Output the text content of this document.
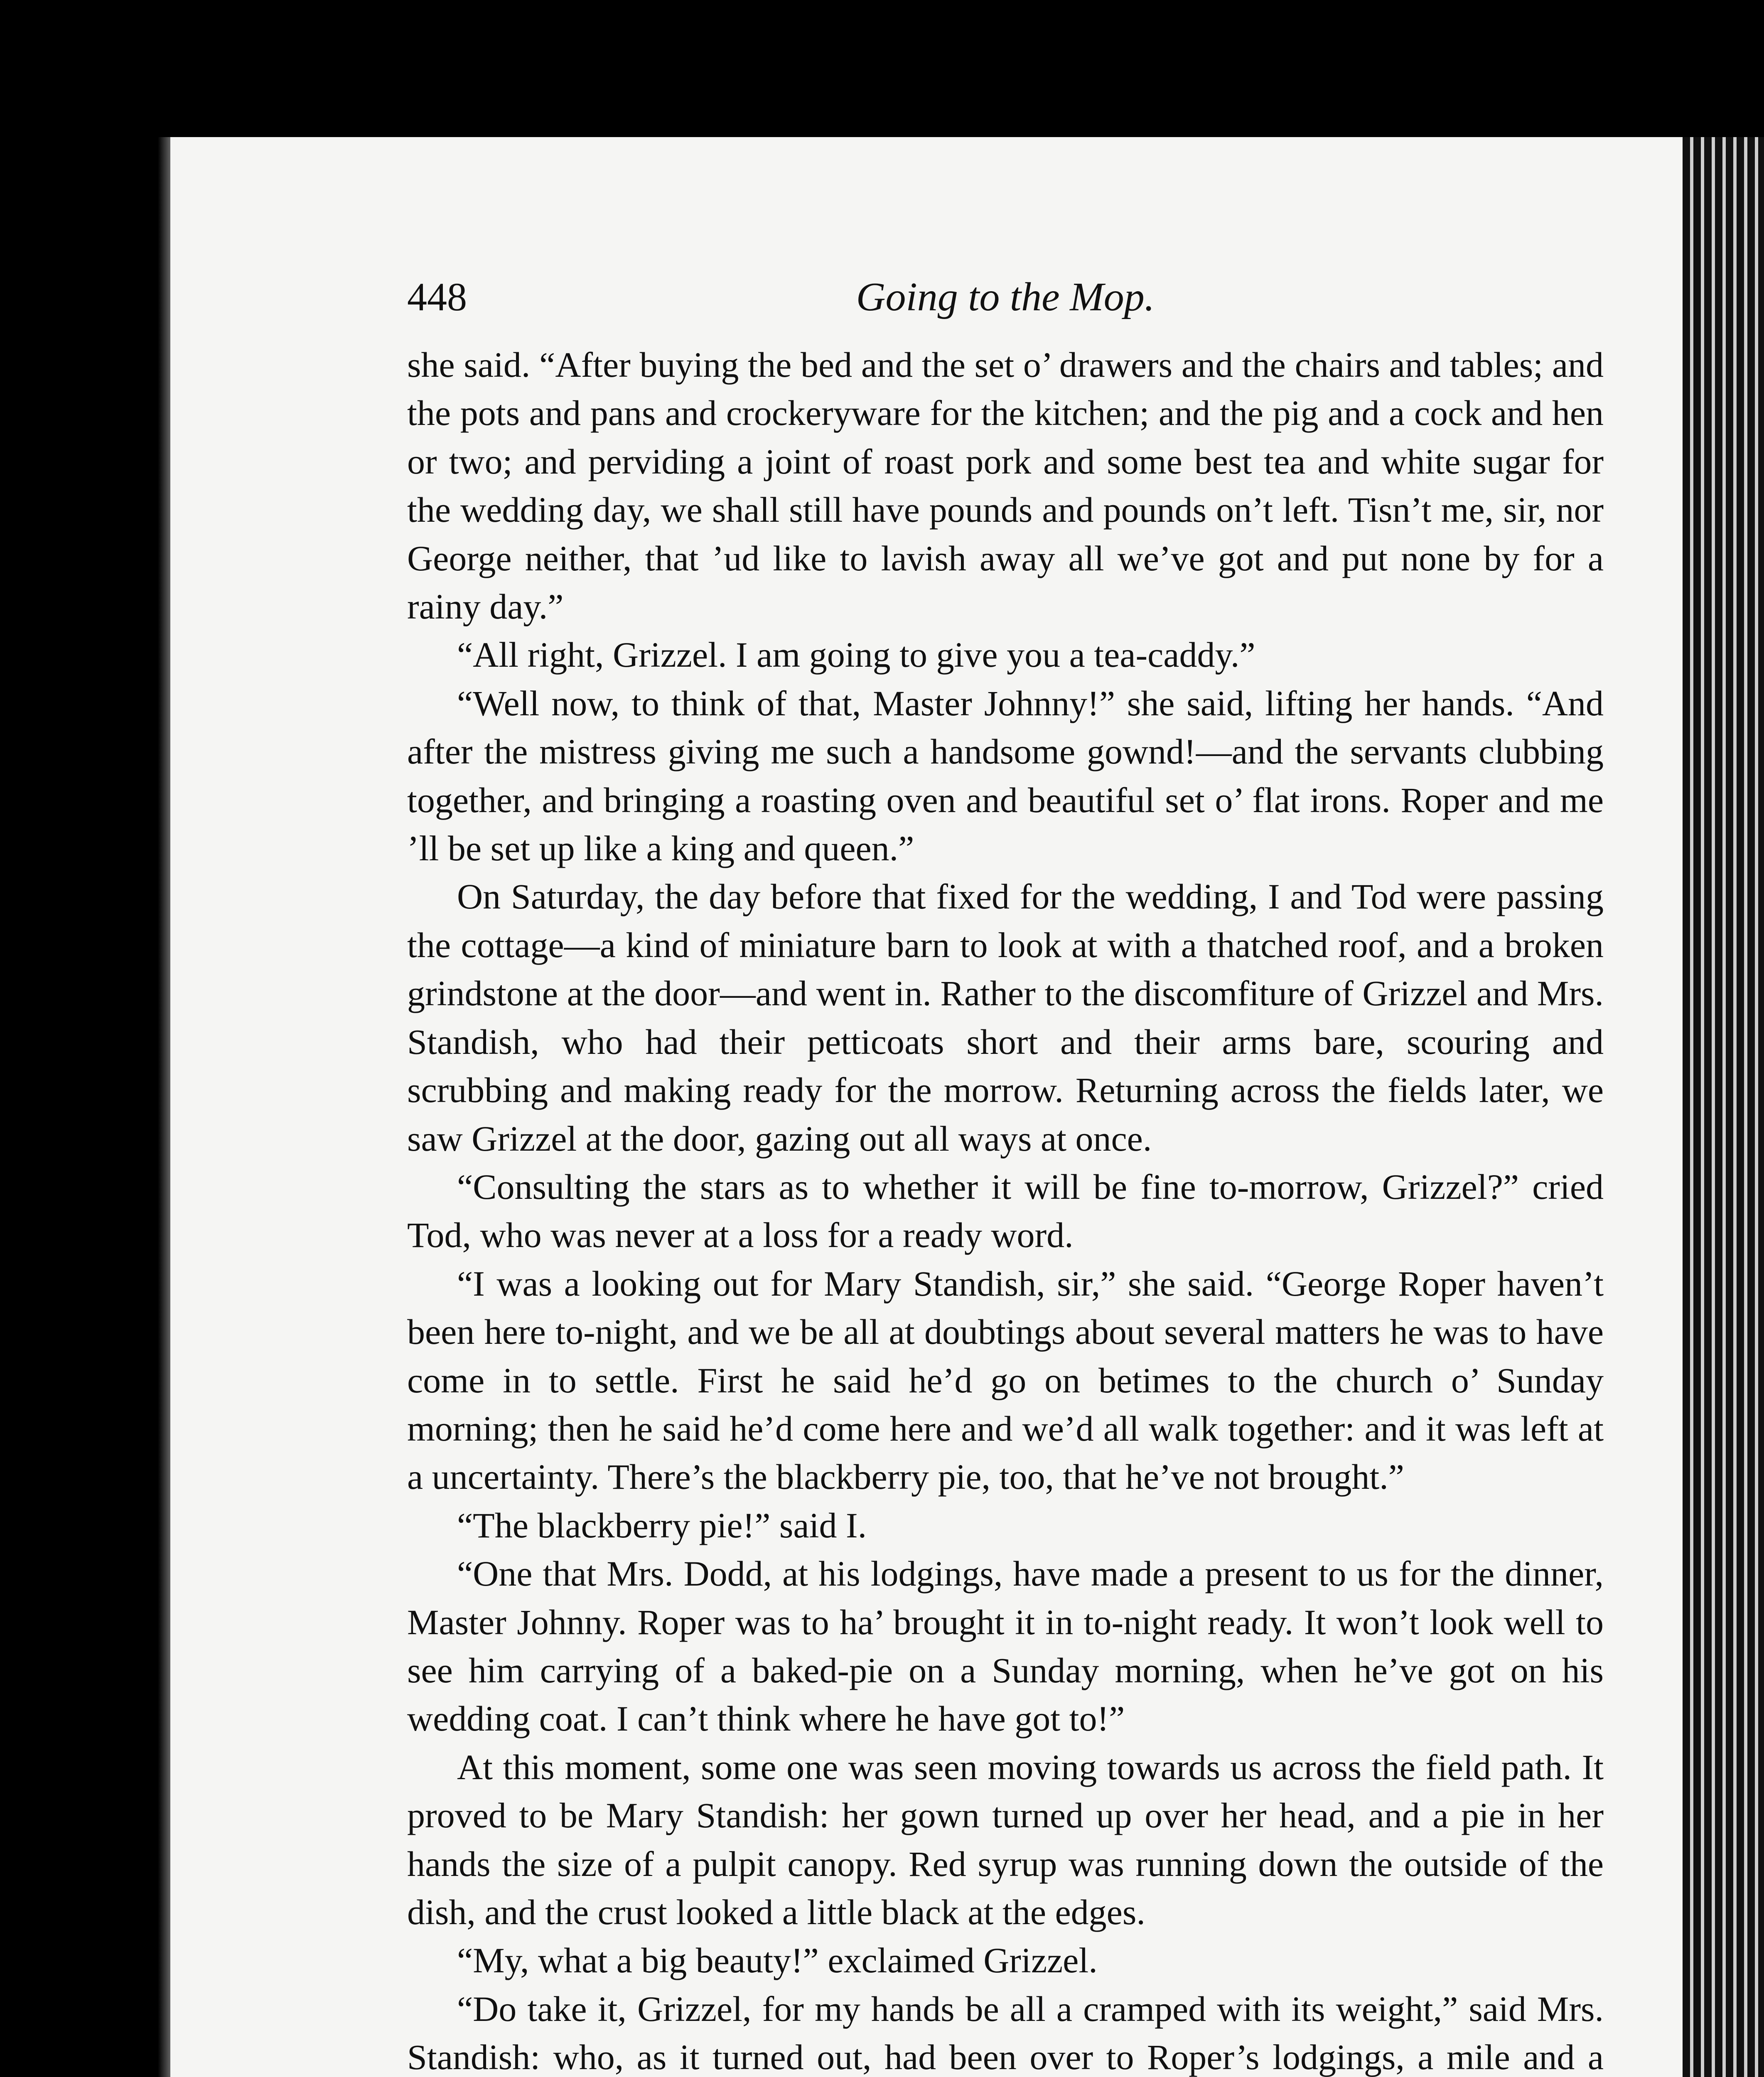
448	Going to the Mop.

she said. “After buying the bed and the set o’ drawers and the chairs and tables; and the pots and pans and crockeryware for the kitchen; and the pig and a cock and hen or two; and perviding a joint of roast pork and some best tea and white sugar for the wedding day, we shall still have pounds and pounds on’t left. Tisn’t me, sir, nor George neither, that ’ud like to lavish away all we’ve got and put none by for a rainy day.”

“All right, Grizzel. I am going to give you a tea-caddy.”

“Well now, to think of that, Master Johnny!” she said, lifting her hands. “And after the mistress giving me such a handsome gownd!—and the servants clubbing together, and bringing a roasting oven and beautiful set o’ flat irons. Roper and me ’ll be set up like a king and queen.”

On Saturday, the day before that fixed for the wedding, I and Tod were passing the cottage—a kind of miniature barn to look at with a thatched roof, and a broken grindstone at the door—and went in. Rather to the discomfiture of Grizzel and Mrs. Standish, who had their petticoats short and their arms bare, scouring and scrubbing and making ready for the morrow. Returning across the fields later, we saw Grizzel at the door, gazing out all ways at once.

“Consulting the stars as to whether it will be fine to-morrow, Grizzel?” cried Tod, who was never at a loss for a ready word.

“I was a looking out for Mary Standish, sir,” she said. “George Roper haven’t been here to-night, and we be all at doubtings about several matters he was to have come in to settle. First he said he’d go on betimes to the church o’ Sunday morning; then he said he’d come here and we’d all walk together: and it was left at a uncertainty. There’s the blackberry pie, too, that he’ve not brought.”

“The blackberry pie!” said I.

“One that Mrs. Dodd, at his lodgings, have made a present to us for the dinner, Master Johnny. Roper was to ha’ brought it in to-night ready. It won’t look well to see him carrying of a baked-pie on a Sunday morning, when he’ve got on his wedding coat. I can’t think where he have got to!”

At this moment, some one was seen moving towards us across the field path. It proved to be Mary Standish: her gown turned up over her head, and a pie in her hands the size of a pulpit canopy. Red syrup was running down the outside of the dish, and the crust looked a little black at the edges.

“My, what a big beauty!” exclaimed Grizzel.

“Do take it, Grizzel, for my hands be all a cramped with its weight,” said Mrs. Standish: who, as it turned out, had been over to Roper’s lodgings, a mile and a
